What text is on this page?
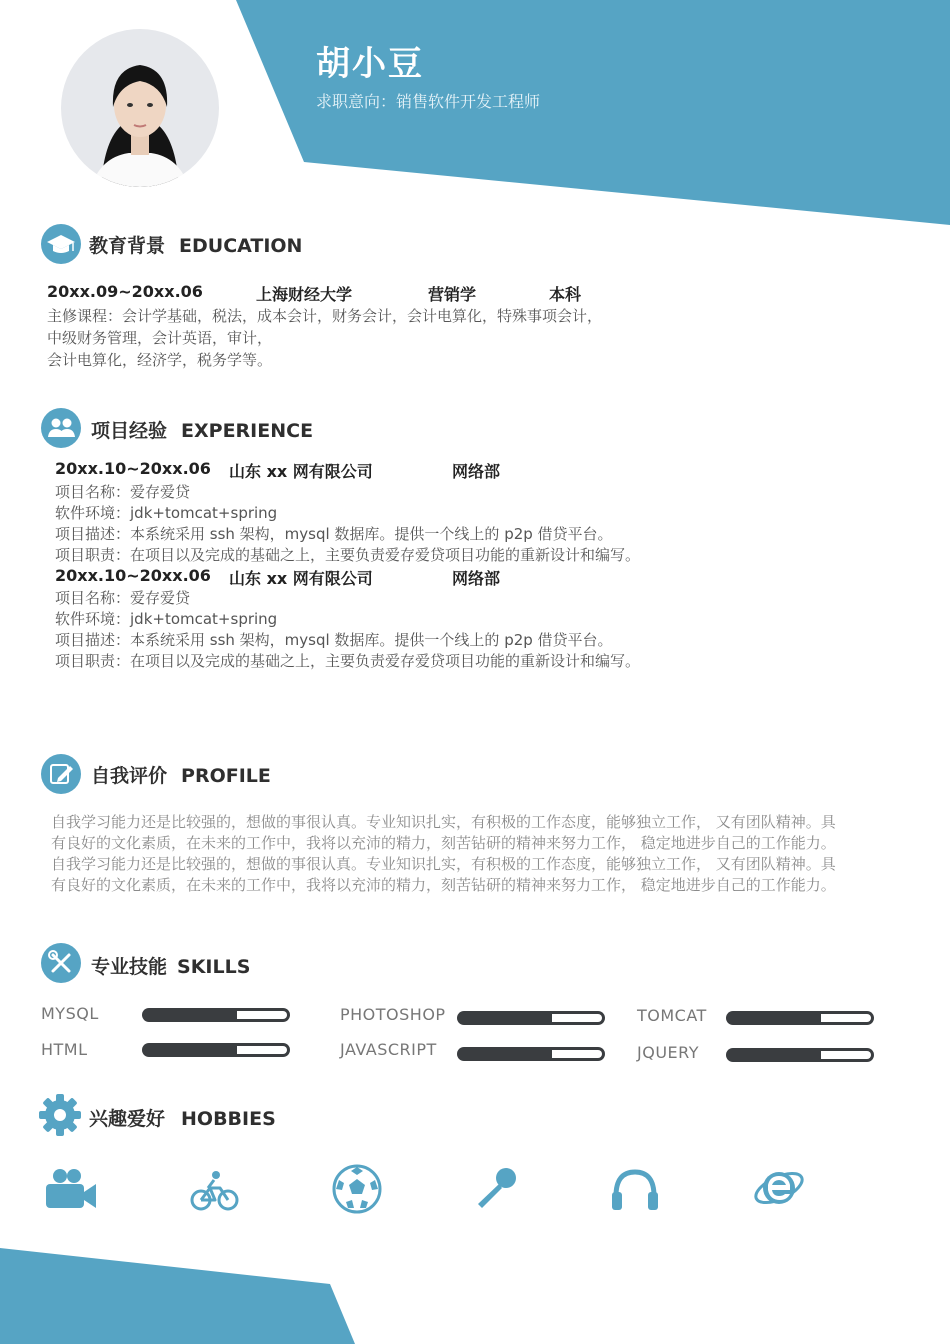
胡小豆
求职意向：销售软件开发工程师
教育背景 EDUCATION
20xx.09~20xx.06	上海财经大学	营销学	本科
主修课程：会计学基础，税法，成本会计，财务会计，会计电算化，特殊事项会计，
中级财务管理，会计英语，审计，
会计电算化，经济学，税务学等。
项目经验 EXPERIENCE
20xx.10~20xx.06 山东 xx 网有限公司	网络部
项目名称：爱存爱贷
软件环境：jdk+tomcat+spring
项目描述：本系统采用 ssh 架构，mysql 数据库。提供一个线上的 p2p 借贷平台。
项目职责：在项目以及完成的基础之上，主要负责爱存爱贷项目功能的重新设计和编写。
20xx.10~20xx.06 山东 xx 网有限公司	网络部
项目名称：爱存爱贷
软件环境：jdk+tomcat+spring
项目描述：本系统采用 ssh 架构，mysql 数据库。提供一个线上的 p2p 借贷平台。
项目职责：在项目以及完成的基础之上，主要负责爱存爱贷项目功能的重新设计和编写。
自我评价 PROFILE

自我学习能力还是比较强的，想做的事很认真。专业知识扎实，有积极的工作态度，能够独立工作， 又有团队精神。具

有良好的文化素质，在未来的工作中，我将以充沛的精力，刻苦钻研的精神来努力工作， 稳定地进步自己的工作能力。

自我学习能力还是比较强的，想做的事很认真。专业知识扎实，有积极的工作态度，能够独立工作， 又有团队精神。具

有良好的文化素质，在未来的工作中，我将以充沛的精力，刻苦钻研的精神来努力工作， 稳定地进步自己的工作能力。

专业技能 SKILLS
MYSQL	PHOTOSHOP	TOMCAT
HTML	JAVASCRIPT	JQUERY
兴趣爱好 HOBBIES
